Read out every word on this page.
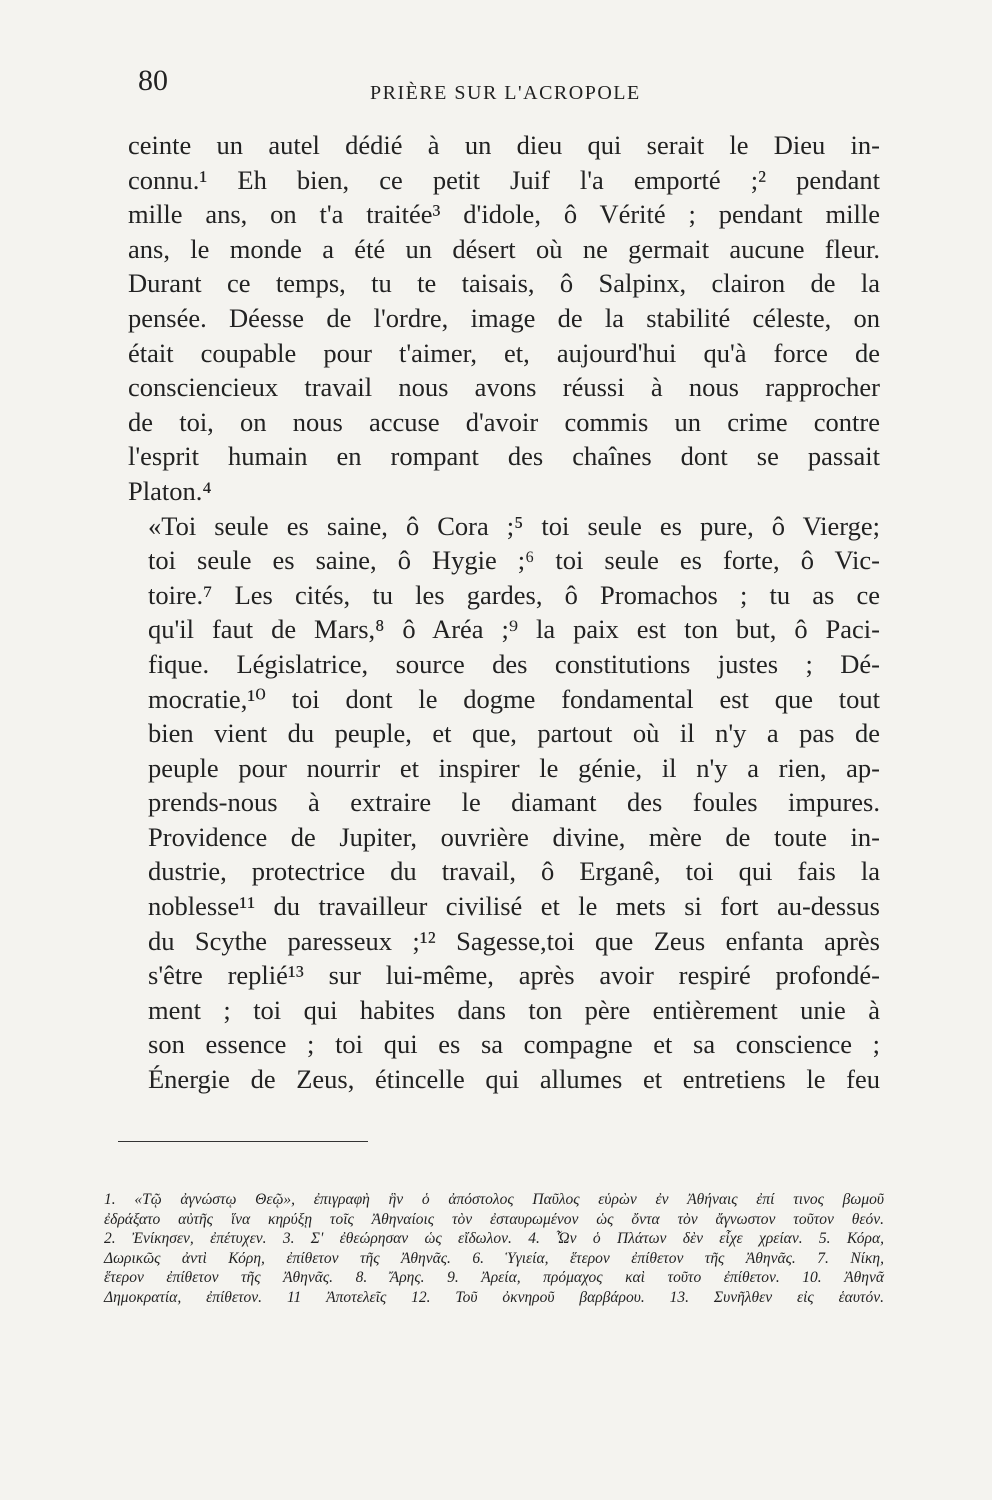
80	PRIÈRE SUR L'ACROPOLE

ceinte un autel dédié à un dieu qui serait le Dieu in-
connu.¹ Eh bien, ce petit Juif l'a emporté ;² pendant
mille ans, on t'a traitée³ d'idole, ô Vérité ; pendant mille
ans, le monde a été un désert où ne germait aucune fleur.
Durant ce temps, tu te taisais, ô Salpinx, clairon de la
pensée. Déesse de l'ordre, image de la stabilité céleste, on
était coupable pour t'aimer, et, aujourd'hui qu'à force de
consciencieux travail nous avons réussi à nous rapprocher
de toi, on nous accuse d'avoir commis un crime contre
l'esprit humain en rompant des chaînes dont se passait
Platon.⁴

«Toi seule es saine, ô Cora ;⁵ toi seule es pure, ô Vierge;
toi seule es saine, ô Hygie ;⁶ toi seule es forte, ô Vic-
toire.⁷ Les cités, tu les gardes, ô Promachos ; tu as ce
qu'il faut de Mars,⁸ ô Aréa ;⁹ la paix est ton but, ô Paci-
fique. Législatrice, source des constitutions justes ; Dé-
mocratie,¹⁰ toi dont le dogme fondamental est que tout
bien vient du peuple, et que, partout où il n'y a pas de
peuple pour nourrir et inspirer le génie, il n'y a rien, ap-
prends-nous à extraire le diamant des foules impures.
Providence de Jupiter, ouvrière divine, mère de toute in-
dustrie, protectrice du travail, ô Erganê, toi qui fais la
noblesse¹¹ du travailleur civilisé et le mets si fort au-dessus
du Scythe paresseux ;¹² Sagesse,toi que Zeus enfanta après
s'être replié¹³ sur lui-même, après avoir respiré profondé-
ment ; toi qui habites dans ton père entièrement unie à
son essence ; toi qui es sa compagne et sa conscience ;
Énergie de Zeus, étincelle qui allumes et entretiens le feu

1. «Τῷ ἀγνώστῳ Θεῷ», ἐπιγραφὴ ἣν ὁ ἀπόστολος Παῦλος εὑρὼν ἐν Ἀθήναις ἐπί τινος βωμοῦ
ἐδράξατο αὐτῆς ἵνα κηρύξῃ τοῖς Ἀθηναίοις τὸν ἐσταυρωμένον ὡς ὄντα τὸν ἄγνωστον τοῦτον θεόν.
2. Ἐνίκησεν, ἐπέτυχεν. 3. Σ' ἐθεώρησαν ὡς εἴδωλον. 4. Ὧν ὁ Πλάτων δὲν εἶχε χρείαν. 5. Κόρα,
Δωρικῶς ἀντὶ Κόρη, ἐπίθετον τῆς Ἀθηνᾶς. 6. Ὑγιεία, ἕτερον ἐπίθετον τῆς Ἀθηνᾶς. 7. Νίκη,
ἕτερον ἐπίθετον τῆς Ἀθηνᾶς. 8. Ἄρης. 9. Ἀρεία, πρόμαχος καὶ τοῦτο ἐπίθετον. 10. Ἀθηνᾶ
Δημοκρατία, ἐπίθετον. 11 Ἀποτελεῖς 12. Τοῦ ὀκνηροῦ βαρβάρου. 13. Συνῆλθεν εἰς ἑαυτόν.
